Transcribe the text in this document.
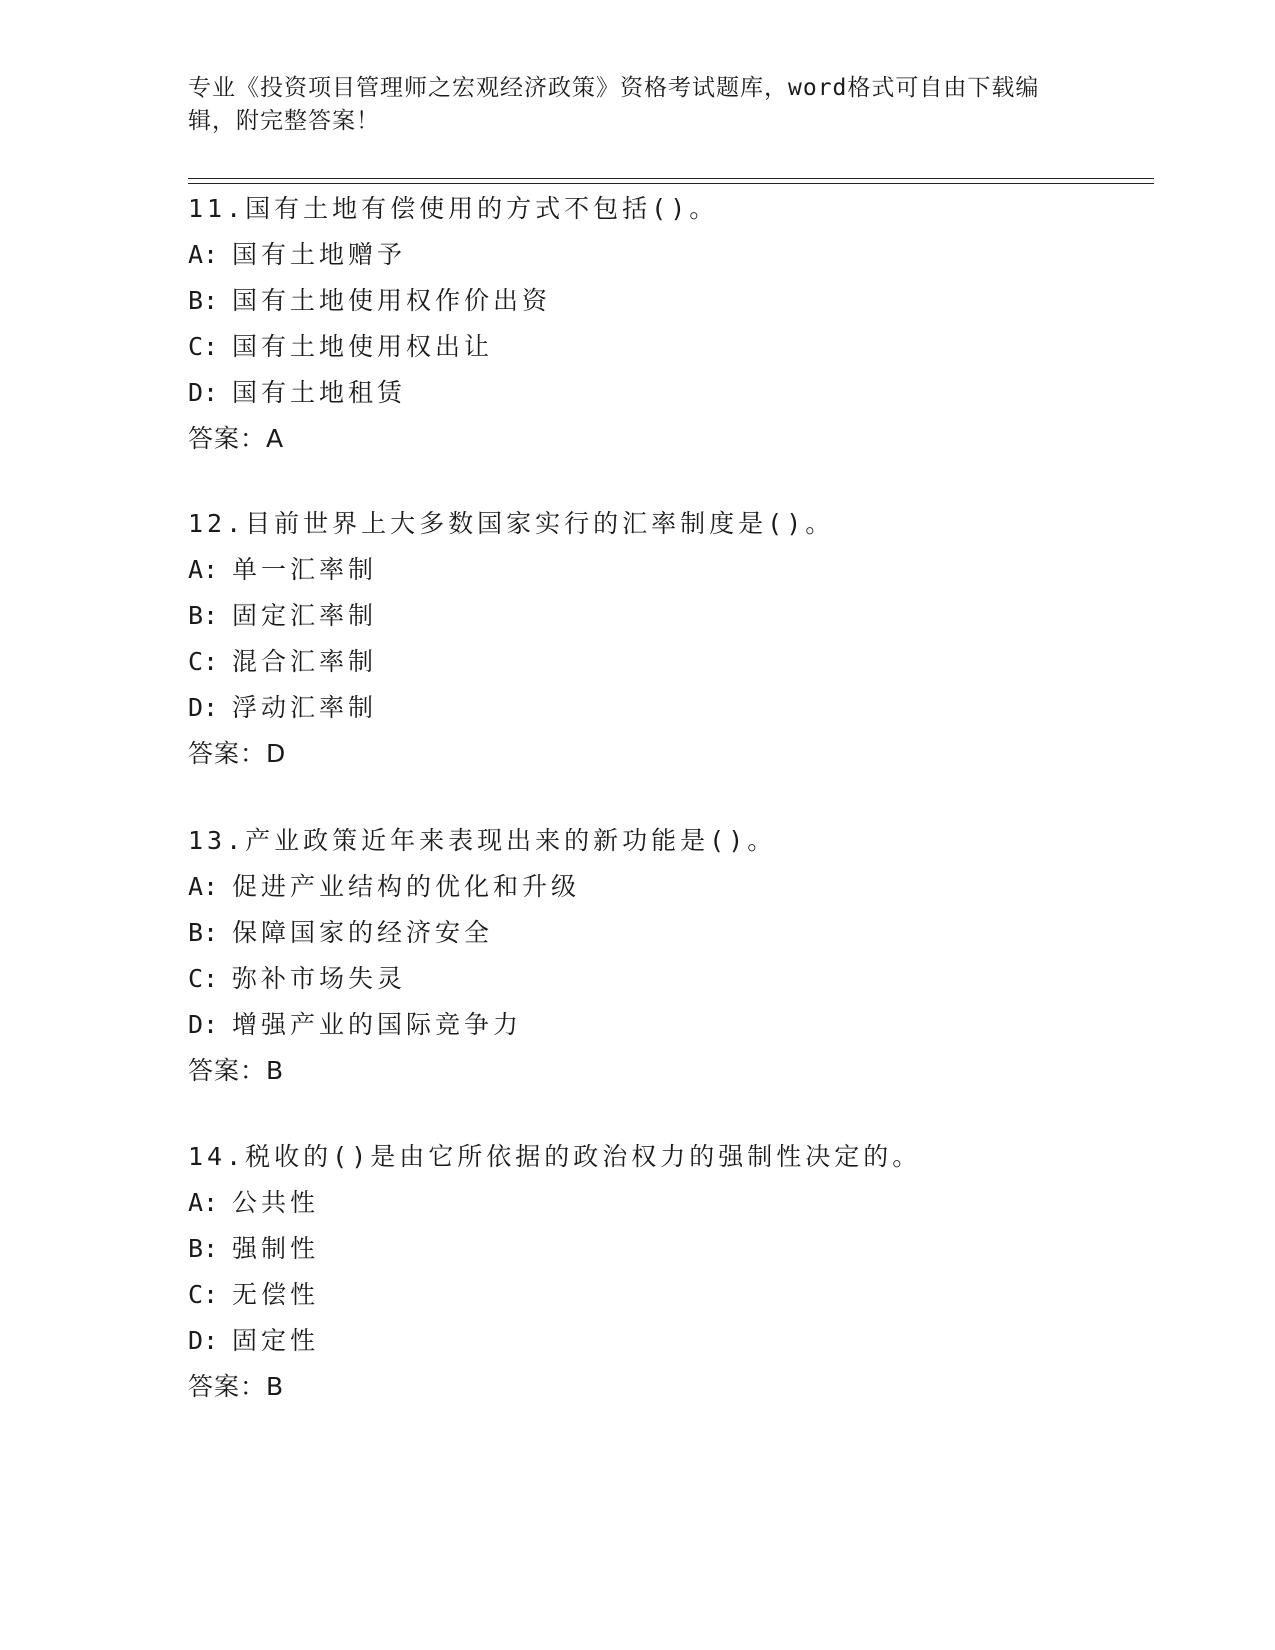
专业《投资项目管理师之宏观经济政策》资格考试题库，word格式可自由下载编
辑，附完整答案！
11.国有土地有偿使用的方式不包括()。
A: 国有土地赠予
B: 国有土地使用权作价出资
C: 国有土地使用权出让
D: 国有土地租赁
答案：A
12.目前世界上大多数国家实行的汇率制度是()。
A: 单一汇率制
B: 固定汇率制
C: 混合汇率制
D: 浮动汇率制
答案：D
13.产业政策近年来表现出来的新功能是()。
A: 促进产业结构的优化和升级
B: 保障国家的经济安全
C: 弥补市场失灵
D: 增强产业的国际竞争力
答案：B
14.税收的()是由它所依据的政治权力的强制性决定的。
A: 公共性
B: 强制性
C: 无偿性
D: 固定性
答案：B
